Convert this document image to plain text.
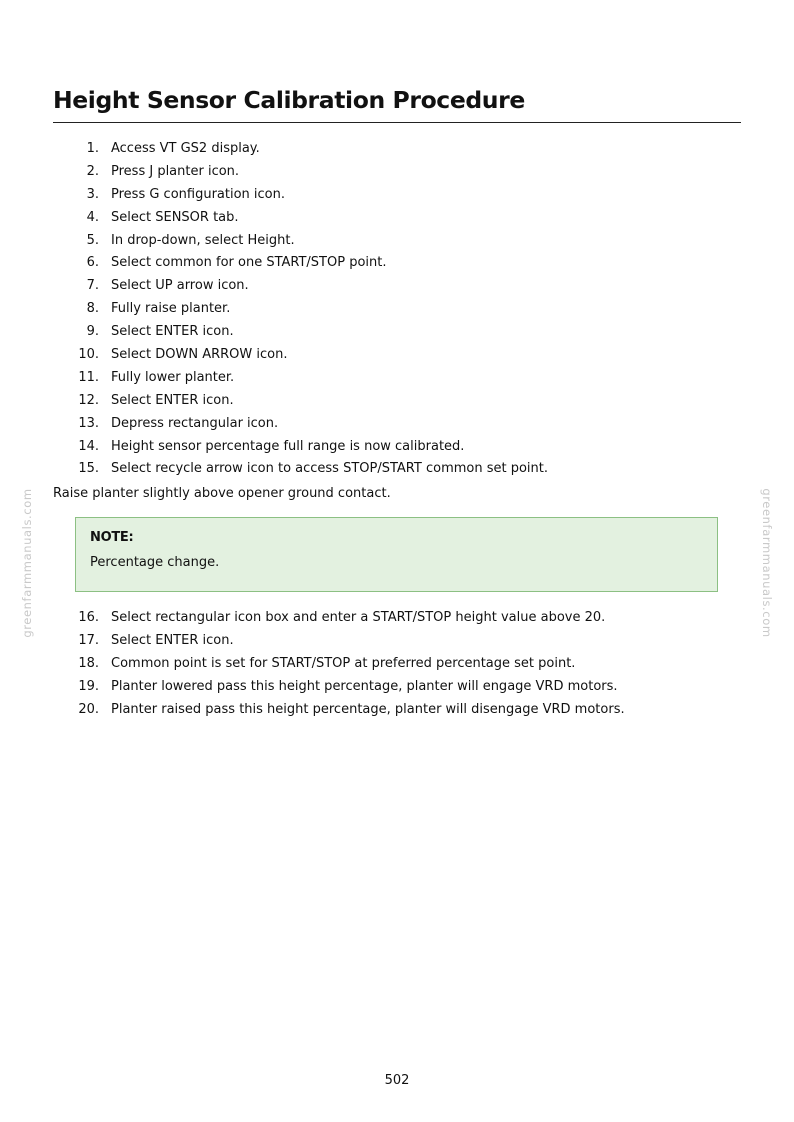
Height Sensor Calibration Procedure
1. Access VT GS2 display.
2. Press J planter icon.
3. Press G configuration icon.
4. Select SENSOR tab.
5. In drop-down, select Height.
6. Select common for one START/STOP point.
7. Select UP arrow icon.
8. Fully raise planter.
9. Select ENTER icon.
10. Select DOWN ARROW icon.
11. Fully lower planter.
12. Select ENTER icon.
13. Depress rectangular icon.
14. Height sensor percentage full range is now calibrated.
15. Select recycle arrow icon to access STOP/START common set point.

Raise planter slightly above opener ground contact.

NOTE:
Percentage change.
16. Select rectangular icon box and enter a START/STOP height value above 20.
17. Select ENTER icon.
18. Common point is set for START/STOP at preferred percentage set point.
19. Planter lowered pass this height percentage, planter will engage VRD motors.
20. Planter raised pass this height percentage, planter will disengage VRD motors.
greenfarmmanuals.com	greenfarmmanuals.com
502
